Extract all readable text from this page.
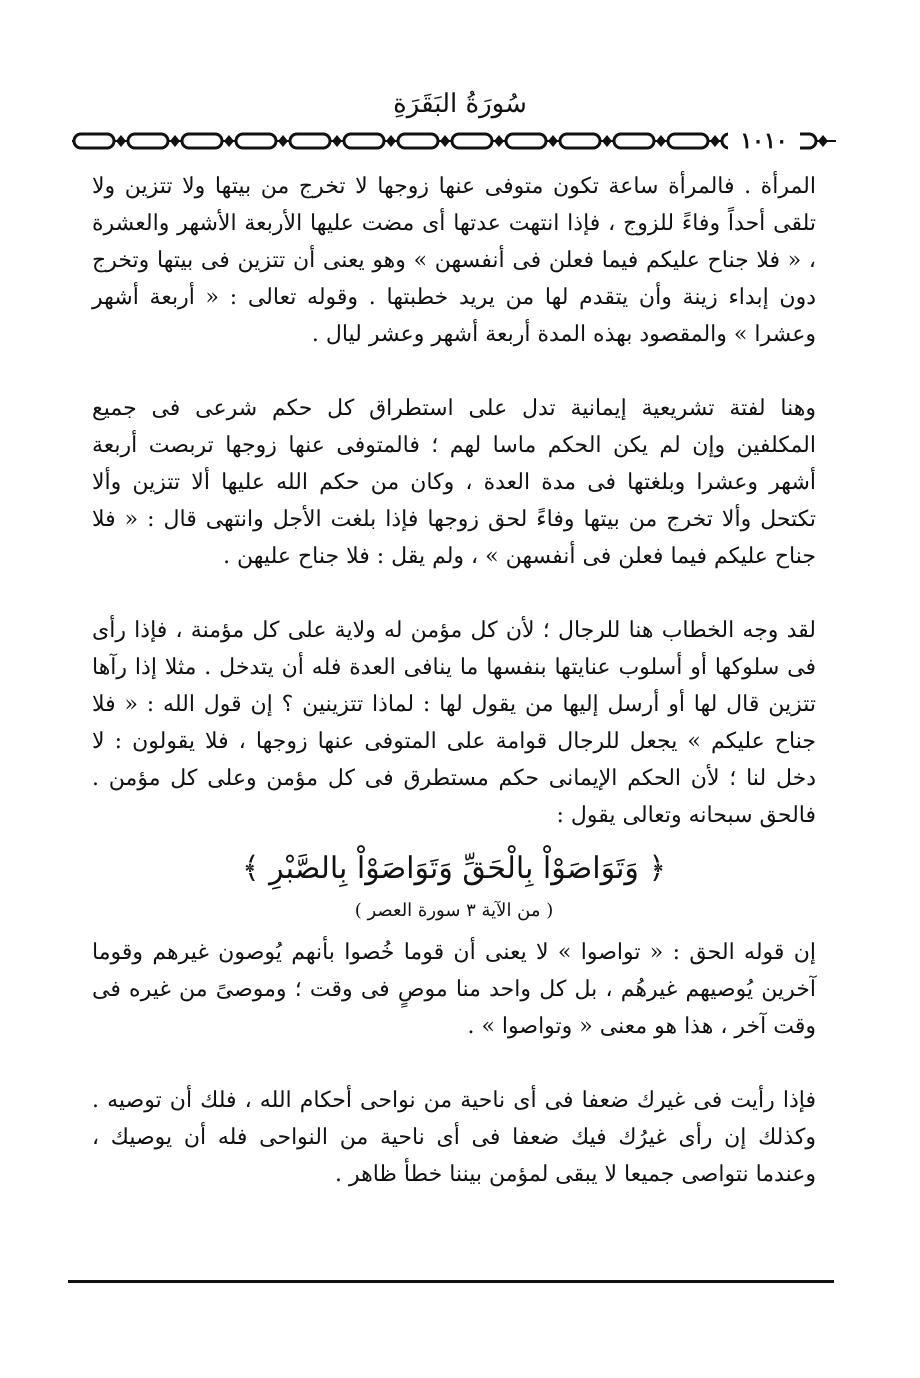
سُورَةُ البَقَرَةِ
١٠١٠

المرأة . فالمرأة ساعة تكون متوفى عنها زوجها لا تخرج من بيتها ولا تتزين ولا تلقى أحداً وفاءً للزوج ، فإذا انتهت عدتها أى مضت عليها الأربعة الأشهر والعشرة ، « فلا جناح عليكم فيما فعلن فى أنفسهن » وهو يعنى أن تتزين فى بيتها وتخرج دون إبداء زينة وأن يتقدم لها من يريد خطبتها . وقوله تعالى : « أربعة أشهر وعشرا » والمقصود بهذه المدة أربعة أشهر وعشر ليال .

وهنا لفتة تشريعية إيمانية تدل على استطراق كل حكم شرعى فى جميع المكلفين وإن لم يكن الحكم ماسا لهم ؛ فالمتوفى عنها زوجها تربصت أربعة أشهر وعشرا وبلغتها فى مدة العدة ، وكان من حكم الله عليها ألا تتزين وألا تكتحل وألا تخرج من بيتها وفاءً لحق زوجها فإذا بلغت الأجل وانتهى قال : « فلا جناح عليكم فيما فعلن فى أنفسهن » ، ولم يقل : فلا جناح عليهن .

لقد وجه الخطاب هنا للرجال ؛ لأن كل مؤمن له ولاية على كل مؤمنة ، فإذا رأى فى سلوكها أو أسلوب عنايتها بنفسها ما ينافى العدة فله أن يتدخل . مثلا إذا رآها تتزين قال لها أو أرسل إليها من يقول لها : لماذا تتزينين ؟ إن قول الله : « فلا جناح عليكم » يجعل للرجال قوامة على المتوفى عنها زوجها ، فلا يقولون : لا دخل لنا ؛ لأن الحكم الإيمانى حكم مستطرق فى كل مؤمن وعلى كل مؤمن . فالحق سبحانه وتعالى يقول :

﴿ وَتَوَاصَوْاْ بِالْحَقِّ وَتَوَاصَوْاْ بِالصَّبْرِ ﴾

( من الآية ٣ سورة العصر )

إن قوله الحق : « تواصوا » لا يعنى أن قوما خُصوا بأنهم يُوصون غيرهم وقوما آخرين يُوصيهم غيرهُم ، بل كل واحد منا موصٍ فى وقت ؛ وموصىً من غيره فى وقت آخر ، هذا هو معنى « وتواصوا » .

فإذا رأيت فى غيرك ضعفا فى أى ناحية من نواحى أحكام الله ، فلك أن توصيه . وكذلك إن رأى غيرُك فيك ضعفا فى أى ناحية من النواحى فله أن يوصيك ، وعندما نتواصى جميعا لا يبقى لمؤمن بيننا خطأ ظاهر .
